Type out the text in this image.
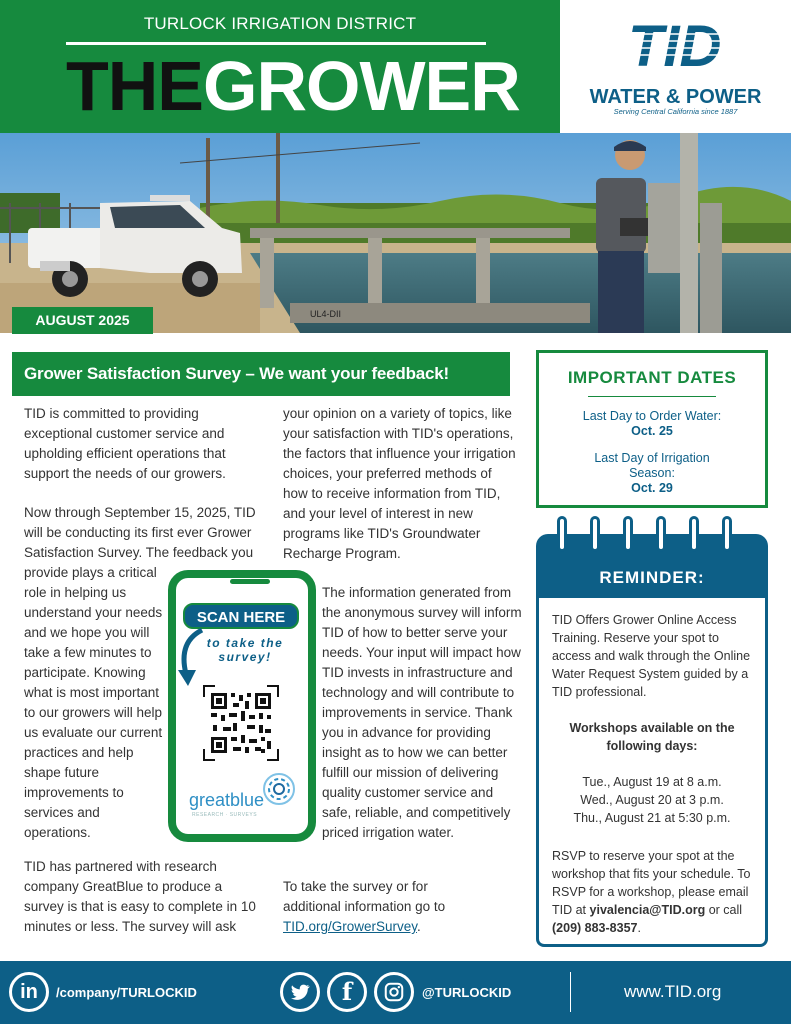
TURLOCK IRRIGATION DISTRICT
THEGROWER
TID
WATER & POWER
Serving Central California since 1887
UL4-DII
AUGUST 2025
Grower Satisfaction Survey – We want your feedback!
TID is committed to providing exceptional customer service and upholding efficient operations that support the needs of our growers.
Now through September 15, 2025, TID will be conducting its first ever Grower Satisfaction Survey. The feedback you
provide plays a critical role in helping us understand your needs and we hope you will take a few minutes to participate. Knowing what is most important to our growers will help us evaluate our current practices and help shape future improvements to services and operations.
TID has partnered with research company GreatBlue to produce a survey is that is easy to complete in 10 minutes or less. The survey will ask
your opinion on a variety of topics, like your satisfaction with TID's operations, the factors that influence your irrigation choices, your preferred methods of how to receive information from TID, and your level of interest in new programs like TID's Groundwater Recharge Program.
The information generated from the anonymous survey will inform TID of how to better serve your needs. Your input will impact how TID invests in infrastructure and technology and will contribute to improvements in service. Thank you in advance for providing insight as to how we can better fulfill our mission of delivering quality customer service and safe, reliable, and competitively priced irrigation water.
To take the survey or for additional information go to TID.org/GrowerSurvey.
SCAN HERE
to take the survey!
greatblue
RESEARCH · SURVEYS
IMPORTANT DATES
Last Day to Order Water:
Oct. 25
Last Day of Irrigation Season:
Oct. 29
REMINDER:
TID Offers Grower Online Access Training. Reserve your spot to access and walk through the Online Water Request System guided by a TID professional.
Workshops available on the following days:
Tue., August 19 at 8 a.m.
Wed., August 20 at 3 p.m.
Thu., August 21 at 5:30 p.m.
RSVP to reserve your spot at the workshop that fits your schedule. To RSVP for a workshop, please email TID at yivalencia@TID.org or call (209) 883-8357.
in	/company/TURLOCKID	f	@TURLOCKID	www.TID.org
